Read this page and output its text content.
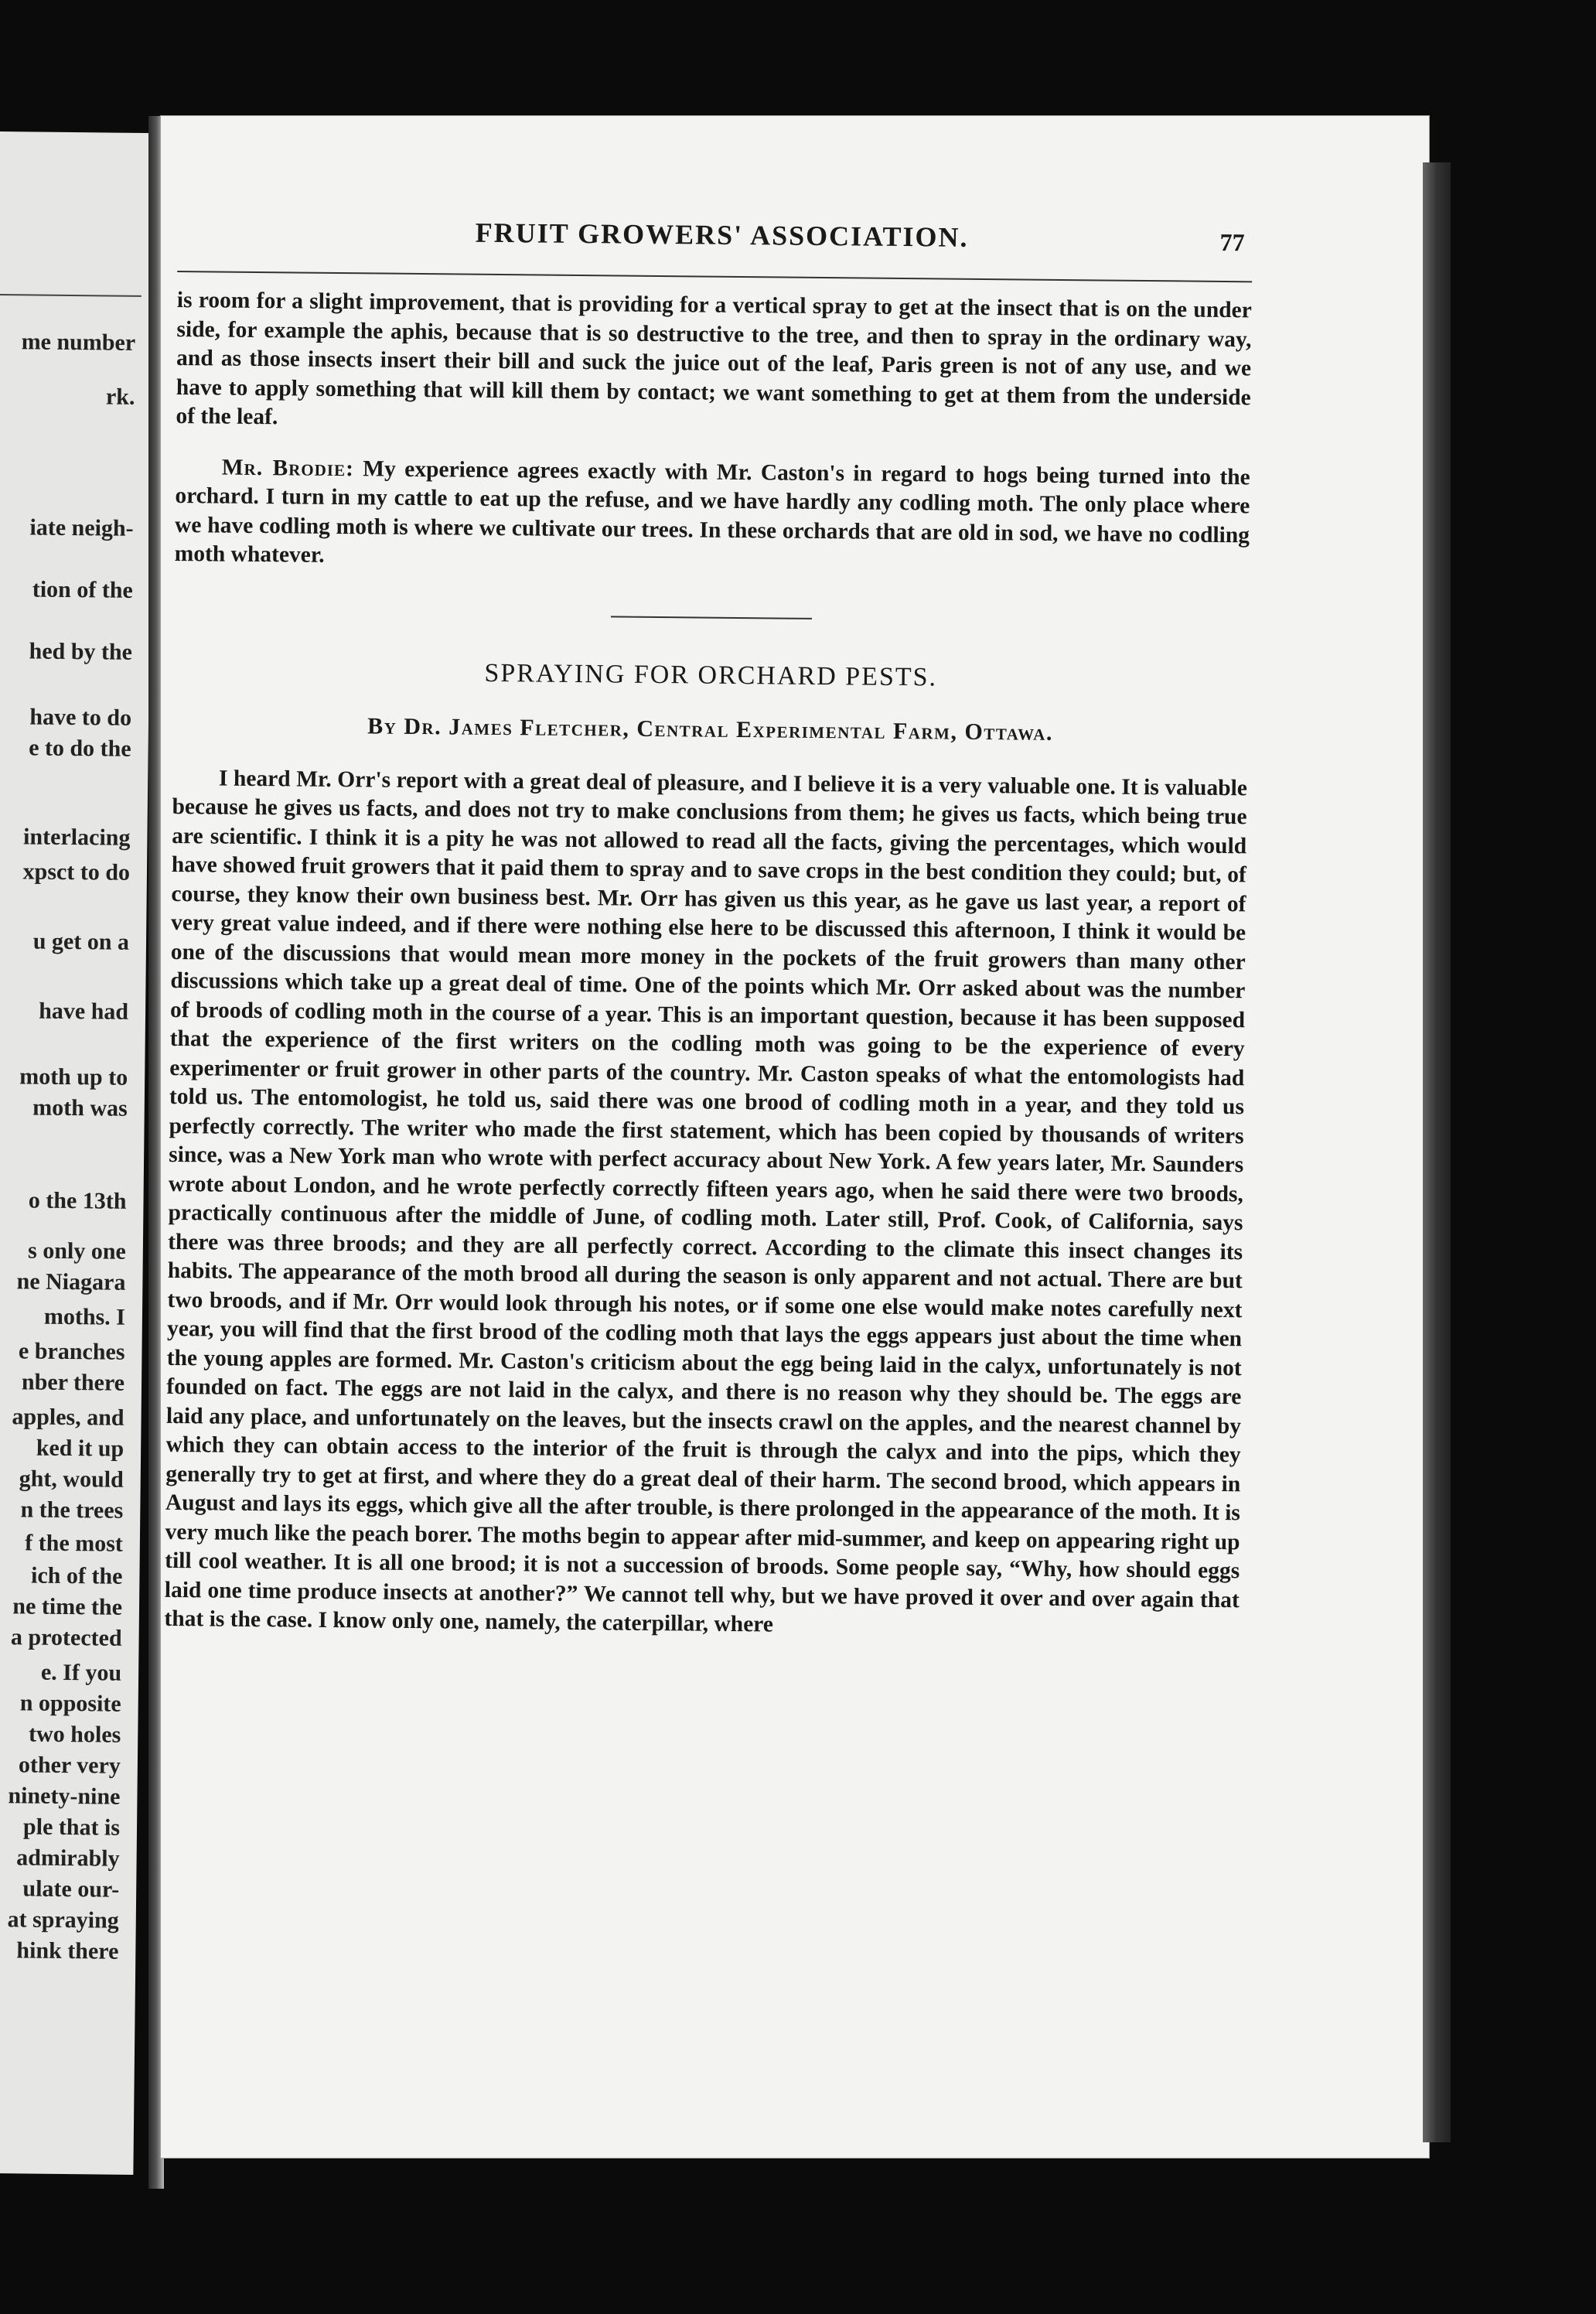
me number
rk.
iate neigh-
tion of the
hed by the
have to do
e to do the
interlacing
xpsct to do
u get on a
have had
moth up to
moth was
o the 13th
s only one
ne Niagara
moths. I
e branches
nber there
apples, and
ked it up
ght, would
n the trees
f the most
ich of the
ne time the
a protected
e. If you
n opposite
two holes
other very
ninety-nine
ple that is
admirably
ulate our-
at spraying
hink there
FRUIT GROWERS' ASSOCIATION.	77

is room for a slight improvement, that is providing for a vertical spray to get at the insect that is on the under side, for example the aphis, because that is so destructive to the tree, and then to spray in the ordinary way, and as those insects insert their bill and suck the juice out of the leaf, Paris green is not of any use, and we have to apply something that will kill them by contact; we want something to get at them from the underside of the leaf.

Mr. Brodie: My experience agrees exactly with Mr. Caston's in regard to hogs being turned into the orchard. I turn in my cattle to eat up the refuse, and we have hardly any codling moth. The only place where we have codling moth is where we cultivate our trees. In these orchards that are old in sod, we have no codling moth whatever.

SPRAYING FOR ORCHARD PESTS.
By Dr. James Fletcher, Central Experimental Farm, Ottawa.

I heard Mr. Orr's report with a great deal of pleasure, and I believe it is a very valuable one. It is valuable because he gives us facts, and does not try to make conclusions from them; he gives us facts, which being true are scientific. I think it is a pity he was not allowed to read all the facts, giving the percentages, which would have showed fruit growers that it paid them to spray and to save crops in the best condition they could; but, of course, they know their own business best. Mr. Orr has given us this year, as he gave us last year, a report of very great value indeed, and if there were nothing else here to be discussed this afternoon, I think it would be one of the discussions that would mean more money in the pockets of the fruit growers than many other discussions which take up a great deal of time. One of the points which Mr. Orr asked about was the number of broods of codling moth in the course of a year. This is an important question, because it has been supposed that the experience of the first writers on the codling moth was going to be the experience of every experimenter or fruit grower in other parts of the country. Mr. Caston speaks of what the entomologists had told us. The entomologist, he told us, said there was one brood of codling moth in a year, and they told us perfectly correctly. The writer who made the first statement, which has been copied by thousands of writers since, was a New York man who wrote with perfect accuracy about New York. A few years later, Mr. Saunders wrote about London, and he wrote perfectly correctly fifteen years ago, when he said there were two broods, practically continuous after the middle of June, of codling moth. Later still, Prof. Cook, of California, says there was three broods; and they are all perfectly correct. According to the climate this insect changes its habits. The appearance of the moth brood all during the season is only apparent and not actual. There are but two broods, and if Mr. Orr would look through his notes, or if some one else would make notes carefully next year, you will find that the first brood of the codling moth that lays the eggs appears just about the time when the young apples are formed. Mr. Caston's criticism about the egg being laid in the calyx, unfortunately is not founded on fact. The eggs are not laid in the calyx, and there is no reason why they should be. The eggs are laid any place, and unfortunately on the leaves, but the insects crawl on the apples, and the nearest channel by which they can obtain access to the interior of the fruit is through the calyx and into the pips, which they generally try to get at first, and where they do a great deal of their harm. The second brood, which appears in August and lays its eggs, which give all the after trouble, is there prolonged in the appearance of the moth. It is very much like the peach borer. The moths begin to appear after mid-summer, and keep on appearing right up till cool weather. It is all one brood; it is not a succession of broods. Some people say, “Why, how should eggs laid one time produce insects at another?” We cannot tell why, but we have proved it over and over again that that is the case. I know only one, namely, the caterpillar, where
